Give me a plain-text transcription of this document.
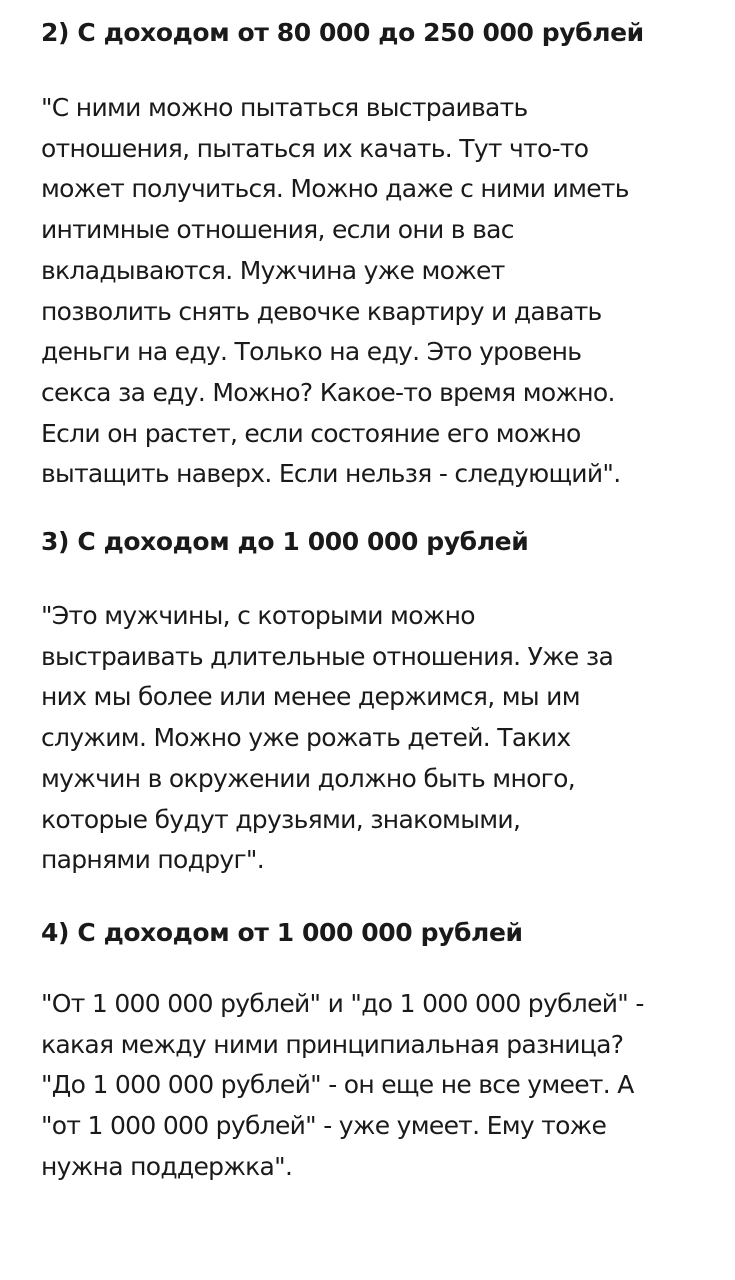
2) С доходом от 80 000 до 250 000 рублей

"С ними можно пытаться выстраивать
отношения, пытаться их качать. Тут что-то
может получиться. Можно даже с ними иметь
интимные отношения, если они в вас
вкладываются. Мужчина уже может
позволить снять девочке квартиру и давать
деньги на еду. Только на еду. Это уровень
секса за еду. Можно? Какое-то время можно.
Если он растет, если состояние его можно
вытащить наверх. Если нельзя - следующий".

3) С доходом до 1 000 000 рублей

"Это мужчины, с которыми можно
выстраивать длительные отношения. Уже за
них мы более или менее держимся, мы им
служим. Можно уже рожать детей. Таких
мужчин в окружении должно быть много,
которые будут друзьями, знакомыми,
парнями подруг".

4) С доходом от 1 000 000 рублей

"От 1 000 000 рублей" и "до 1 000 000 рублей" -
какая между ними принципиальная разница?
"До 1 000 000 рублей" - он еще не все умеет. А
"от 1 000 000 рублей" - уже умеет. Ему тоже
нужна поддержка".
